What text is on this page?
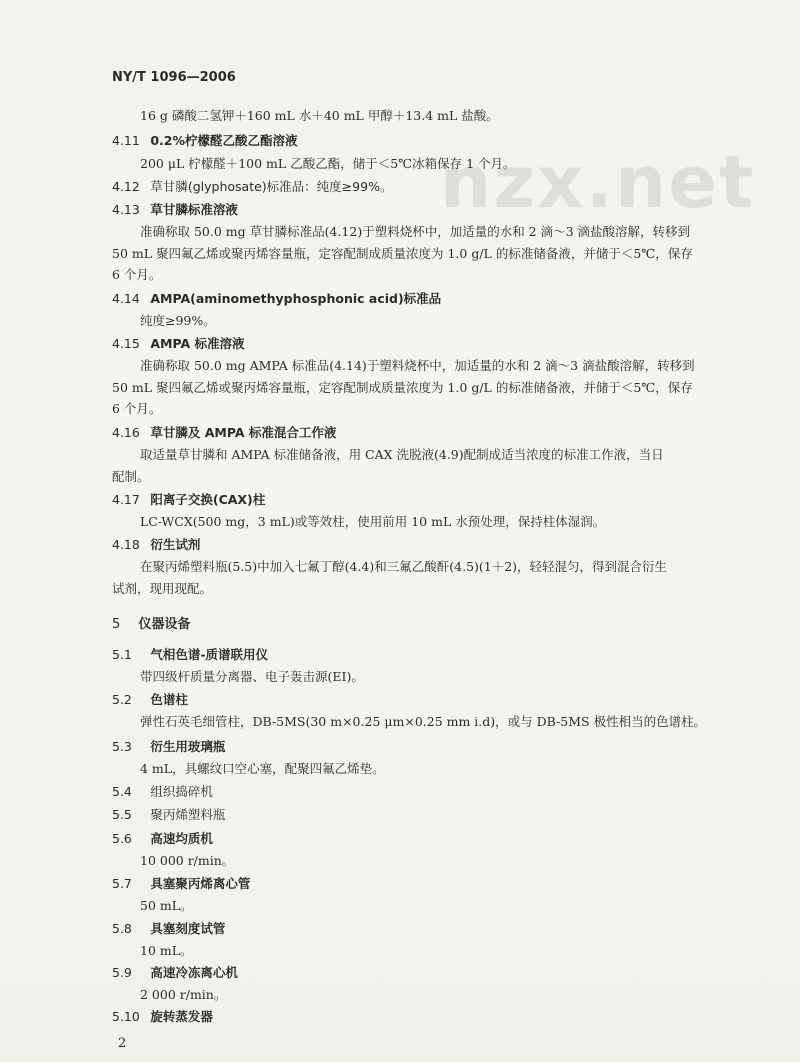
nzx.net
NY/T 1096—2006
16 g 磷酸二氢钾＋160 mL 水＋40 mL 甲醇＋13.4 mL 盐酸。
4.11 0.2%柠檬醛乙酸乙酯溶液
200 μL 柠檬醛＋100 mL 乙酸乙酯，储于＜5℃冰箱保存 1 个月。
4.12 草甘膦(glyphosate)标准品：纯度≥99%。
4.13 草甘膦标准溶液
准确称取 50.0 mg 草甘膦标准品(4.12)于塑料烧杯中，加适量的水和 2 滴～3 滴盐酸溶解，转移到
50 mL 聚四氟乙烯或聚丙烯容量瓶，定容配制成质量浓度为 1.0 g/L 的标准储备液，并储于＜5℃，保存
6 个月。
4.14 AMPA(aminomethyphosphonic acid)标准品
纯度≥99%。
4.15 AMPA 标准溶液
准确称取 50.0 mg AMPA 标准品(4.14)于塑料烧杯中，加适量的水和 2 滴～3 滴盐酸溶解，转移到
50 mL 聚四氟乙烯或聚丙烯容量瓶，定容配制成质量浓度为 1.0 g/L 的标准储备液，并储于＜5℃，保存
6 个月。
4.16 草甘膦及 AMPA 标准混合工作液
取适量草甘膦和 AMPA 标准储备液，用 CAX 洗脱液(4.9)配制成适当浓度的标准工作液，当日
配制。
4.17 阳离子交换(CAX)柱
LC-WCX(500 mg，3 mL)或等效柱，使用前用 10 mL 水预处理，保持柱体湿润。
4.18 衍生试剂
在聚丙烯塑料瓶(5.5)中加入七氟丁醇(4.4)和三氟乙酸酐(4.5)(1＋2)，轻轻混匀，得到混合衍生
试剂，现用现配。
5 仪器设备
5.1 气相色谱-质谱联用仪
带四级杆质量分离器、电子轰击源(EI)。
5.2 色谱柱
弹性石英毛细管柱，DB-5MS(30 m×0.25 μm×0.25 mm i.d)，或与 DB-5MS 极性相当的色谱柱。
5.3 衍生用玻璃瓶
4 mL，具螺纹口空心塞，配聚四氟乙烯垫。
5.4 组织捣碎机
5.5 聚丙烯塑料瓶
5.6 高速均质机
10 000 r/min。
5.7 具塞聚丙烯离心管
50 mL。
5.8 具塞刻度试管
10 mL。
5.9 高速冷冻离心机
2 000 r/min。
5.10 旋转蒸发器
2
